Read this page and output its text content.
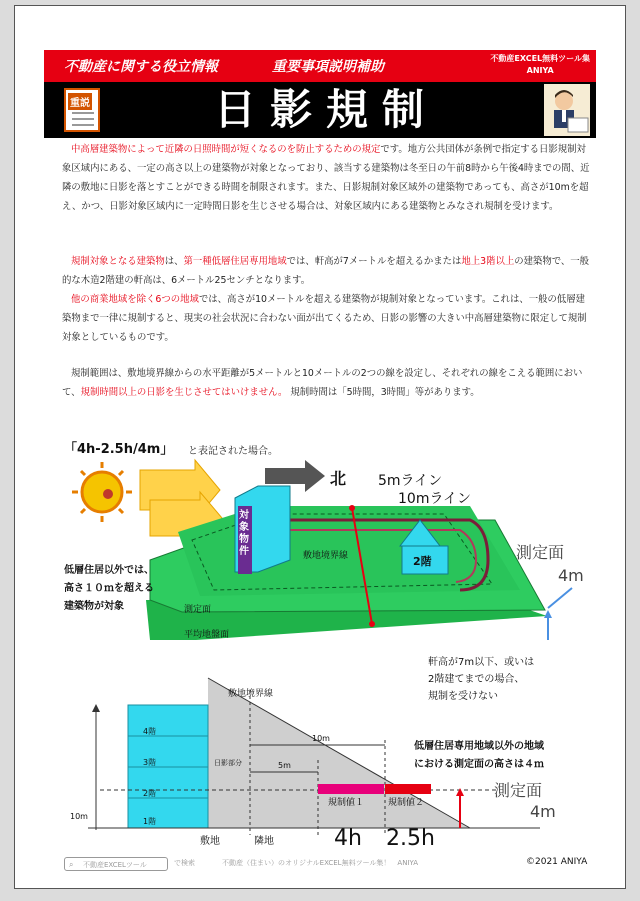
不動産に関する役立情報	重要事項説明補助
不動産EXCEL無料ツール集
ANIYA
重説	日影規制
中高層建築物によって近隣の日照時間が短くなるのを防止するための規定です。地方公共団体が条例で指定する日影規制対象区域内にある、一定の高さ以上の建築物が対象となっており、該当する建築物は冬至日の午前8時から午後4時までの間、近隣の敷地に日影を落とすことができる時間を制限されます。また、日影規制対象区域外の建築物であっても、高さが10mを超え、かつ、日影対象区域内に一定時間日影を生じさせる場合は、対象区域内にある建築物とみなされ規制を受けます。
規制対象となる建築物は、第一種低層住居専用地域では、軒高が7メートルを超えるかまたは地上3階以上の建築物で、一般的な木造2階建の軒高は、6メートル25センチとなります。
他の商業地域を除く6つの地域では、高さが10メートルを超える建築物が規制対象となっています。これは、一般の低層建築物まで一律に規制すると、現実の社会状況に合わない面が出てくるため、日影の影響の大きい中高層建築物に限定して規制対象としているものです。
規制範囲は、敷地境界線からの水平距離が5メートルと10メートルの2つの線を設定し、それぞれの線をこえる範囲において、規制時間以上の日影を生じさせてはいけません。 規制時間は「5時間，3時間」等があります。
「4h-2.5h/4m」 と表記された場合。
北 5mライン
10mライン
対象物件
2階
敷地境界線
測定面
平均地盤面
測定面
4m
低層住居以外では、
高さ１０ｍを超える
建築物が対象
軒高が7m以下、或いは
2階建てまでの場合、
規制を受けない
敷地境界線
4階
3階
2階
1階
日影部分
10m
5m
10m
規制値１	規制値２
敷地	隣地	4h 2.5h
低層住居専用地域以外の地域
における測定面の高さは４ｍ
測定面
4m
⌕ 不動産EXCELツール	で検索	不動産（住まい）のオリジナルEXCEL無料ツール集！　ANIYA	©2021 ANIYA
